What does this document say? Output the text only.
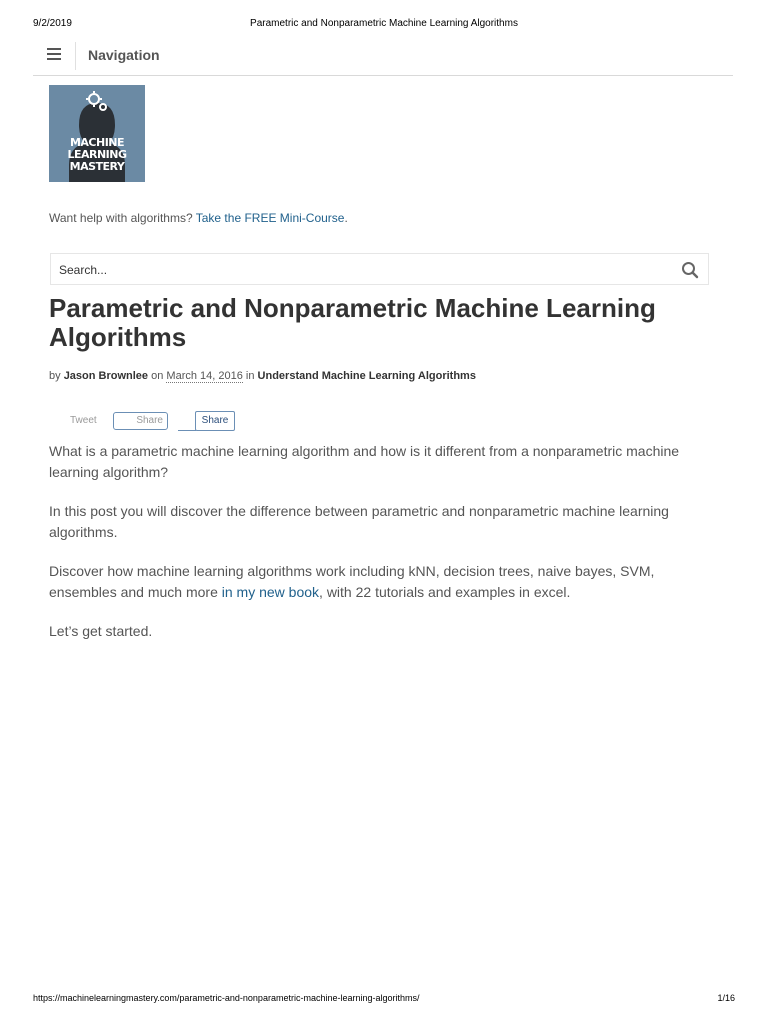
9/2/2019	Parametric and Nonparametric Machine Learning Algorithms
Navigation
MACHINE
LEARNING
MASTERY
Want help with algorithms? Take the FREE Mini-Course.
Search...
Parametric and Nonparametric Machine Learning Algorithms
by Jason Brownlee on March 14, 2016 in Understand Machine Learning Algorithms
Tweet	Share	Share

What is a parametric machine learning algorithm and how is it different from a nonparametric machine learning algorithm?

In this post you will discover the difference between parametric and nonparametric machine learning algorithms.

Discover how machine learning algorithms work including kNN, decision trees, naive bayes, SVM, ensembles and much more in my new book, with 22 tutorials and examples in excel.

Let’s get started.

https://machinelearningmastery.com/parametric-and-nonparametric-machine-learning-algorithms/	1/16
